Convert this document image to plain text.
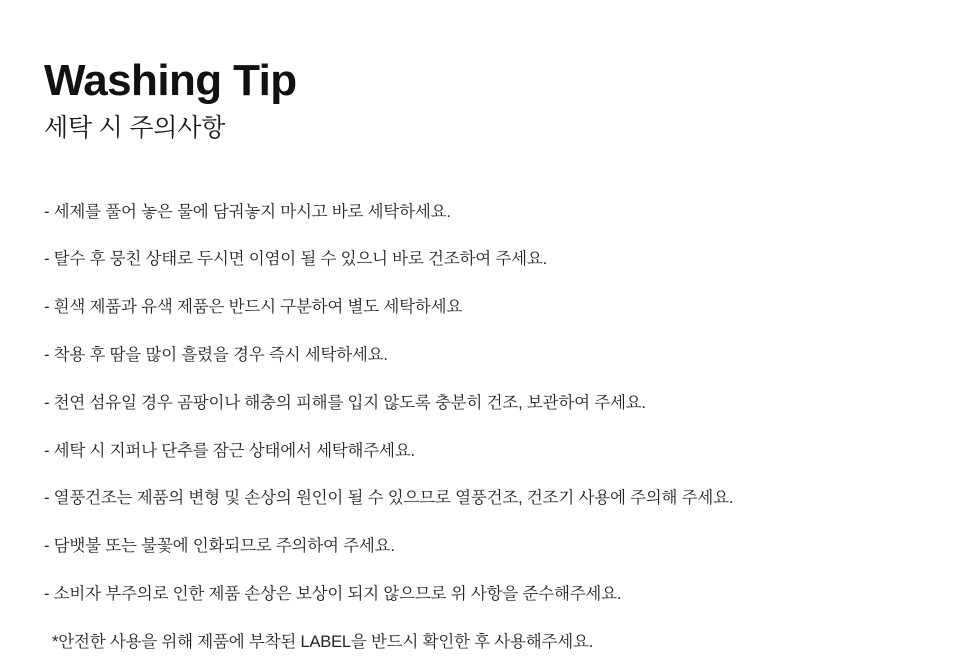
Washing Tip
세탁 시 주의사항
- 세제를 풀어 놓은 물에 담궈놓지 마시고 바로 세탁하세요.
- 탈수 후 뭉친 상태로 두시면 이염이 될 수 있으니 바로 건조하여 주세요.
- 흰색 제품과 유색 제품은 반드시 구분하여 별도 세탁하세요
- 착용 후 땀을 많이 흘렸을 경우 즉시 세탁하세요.
- 천연 섬유일 경우 곰팡이나 해충의 피해를 입지 않도록 충분히 건조, 보관하여 주세요.
- 세탁 시 지퍼나 단추를 잠근 상태에서 세탁해주세요.
- 열풍건조는 제품의 변형 및 손상의 원인이 될 수 있으므로 열풍건조, 건조기 사용에 주의해 주세요.
- 담뱃불 또는 불꽃에 인화되므로 주의하여 주세요.
- 소비자 부주의로 인한 제품 손상은 보상이 되지 않으므로 위 사항을 준수해주세요.

*안전한 사용을 위해 제품에 부착된 LABEL을 반드시 확인한 후 사용해주세요.
